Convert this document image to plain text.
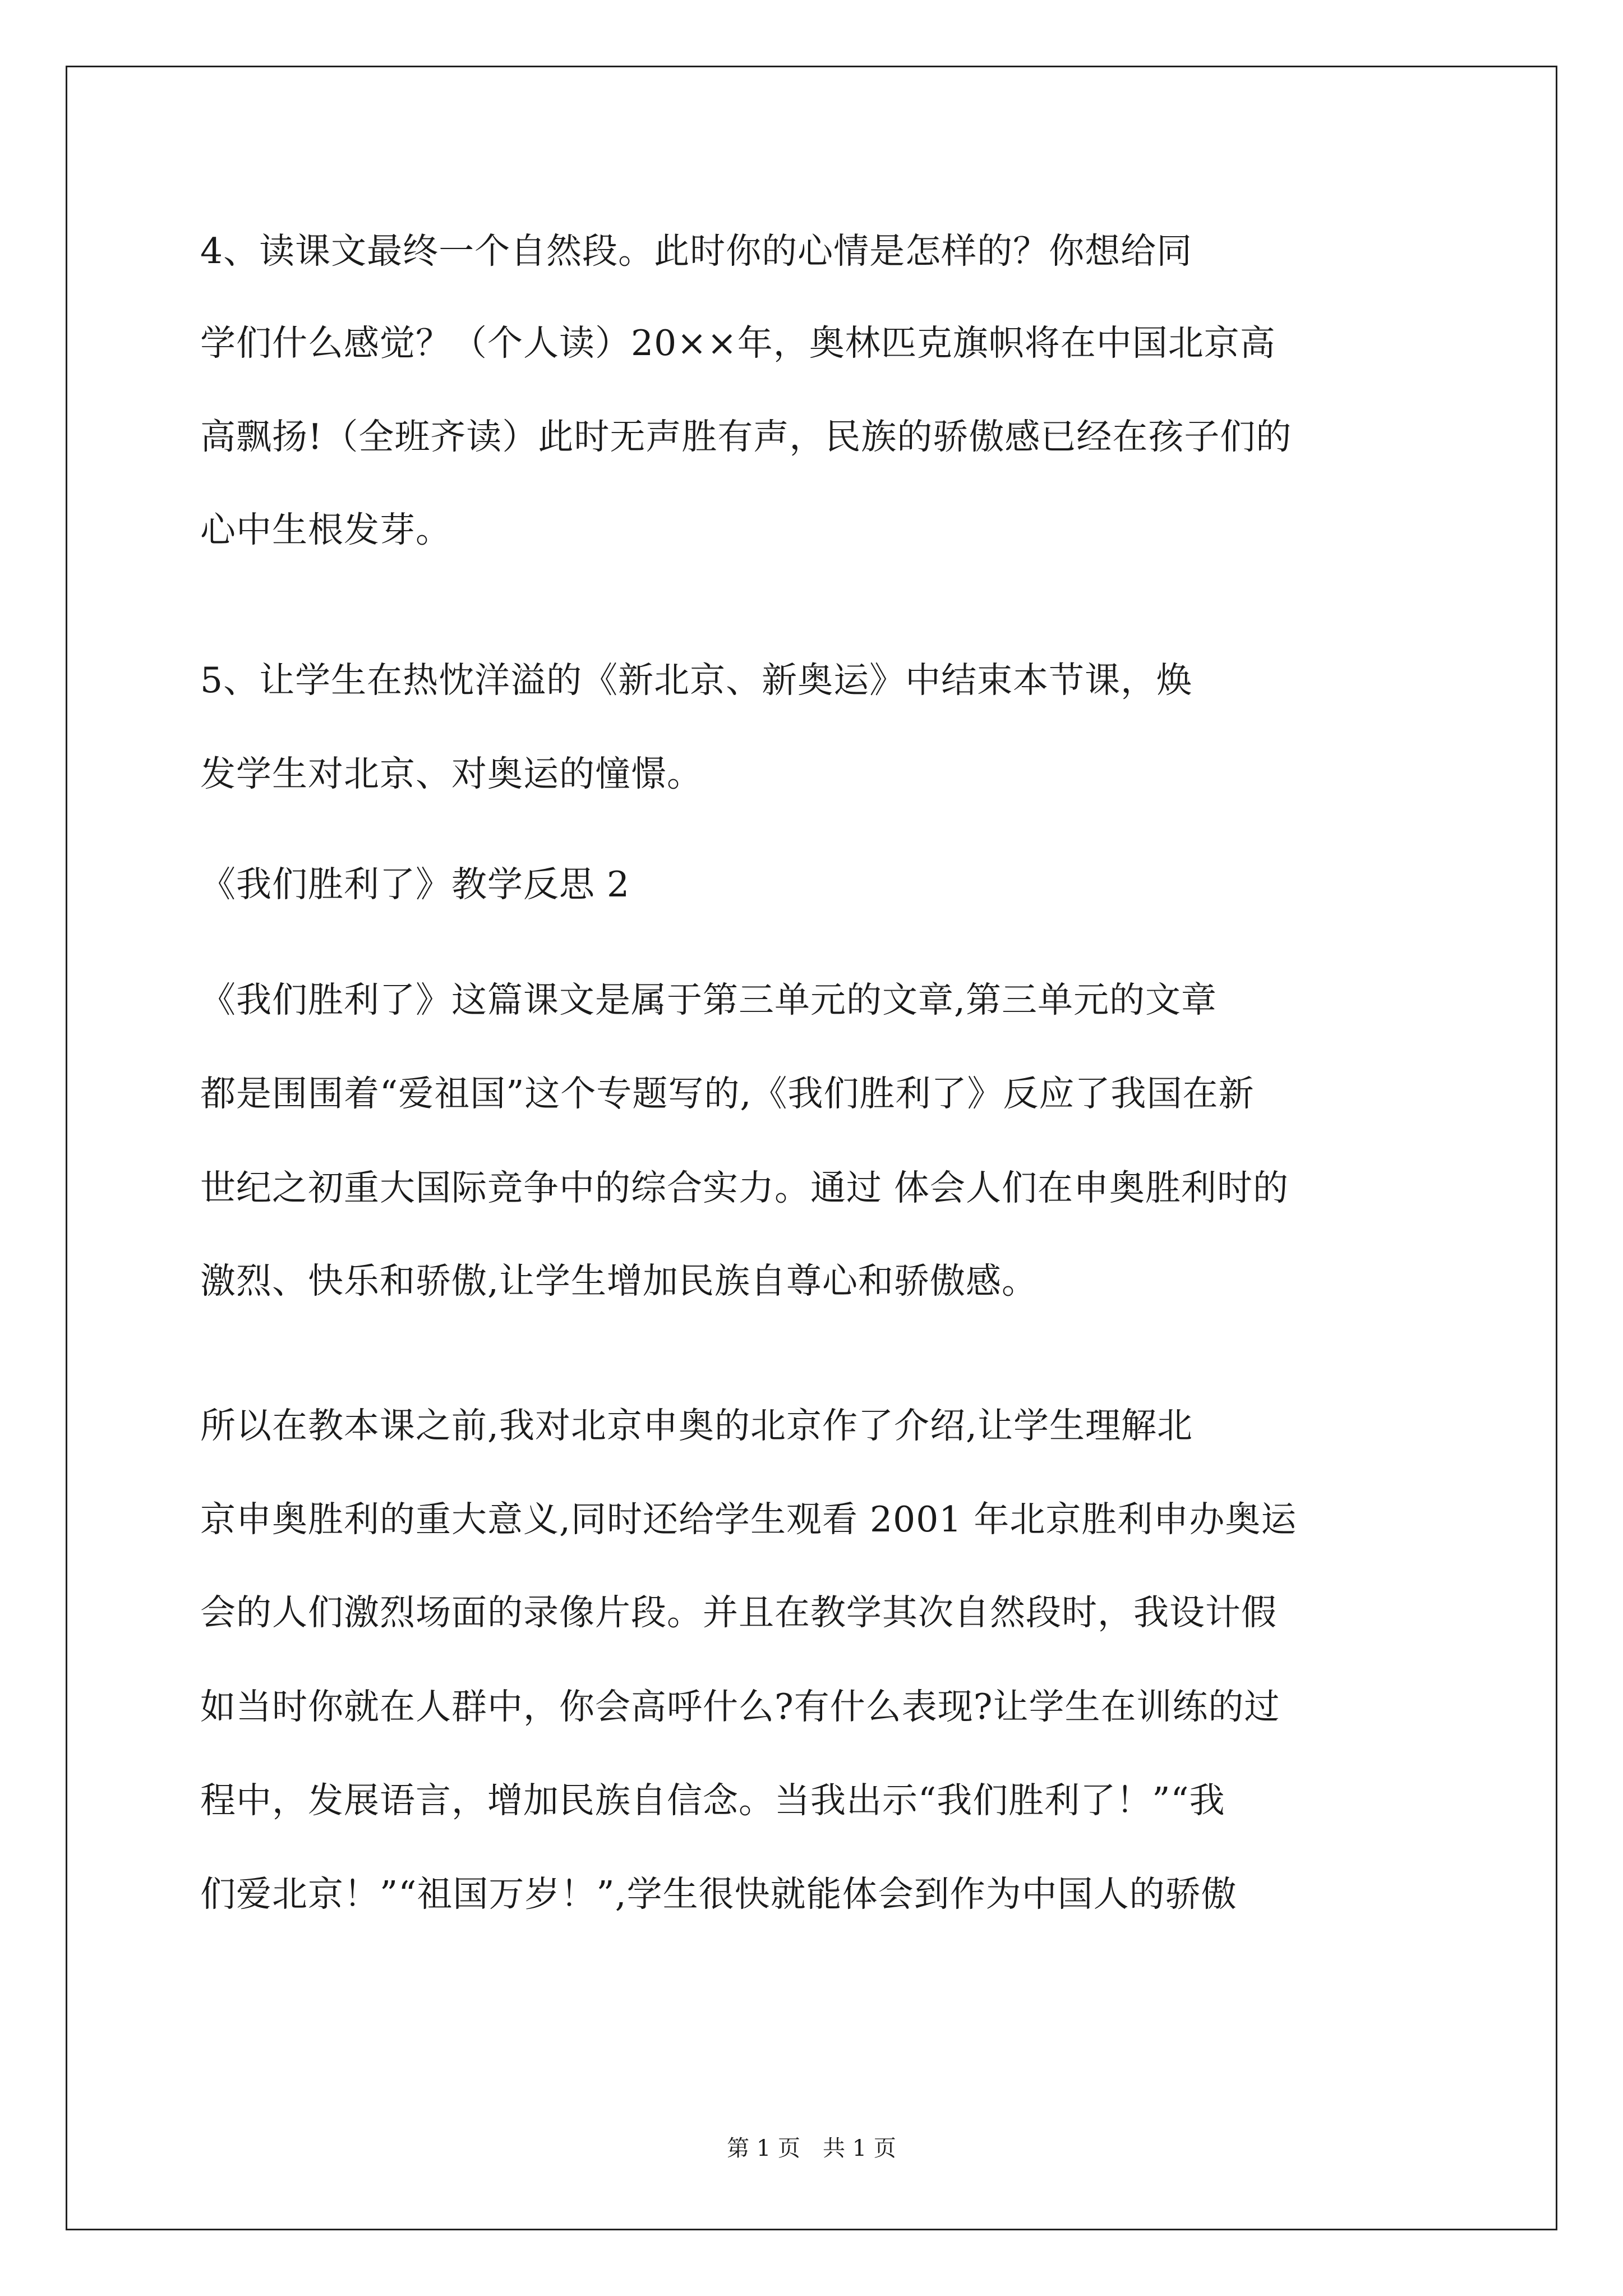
4、读课文最终一个自然段。此时你的心情是怎样的？你想给同
学们什么感觉？（个人读）20××年，奥林匹克旗帜将在中国北京高
高飘扬!（全班齐读）此时无声胜有声，民族的骄傲感已经在孩子们的
心中生根发芽。
5、让学生在热忱洋溢的《新北京、新奥运》中结束本节课，焕
发学生对北京、对奥运的憧憬。
《我们胜利了》教学反思 2
《我们胜利了》这篇课文是属于第三单元的文章,第三单元的文章
都是围围着“爱祖国”这个专题写的,《我们胜利了》反应了我国在新
世纪之初重大国际竞争中的综合实力。通过 体会人们在申奥胜利时的
激烈、快乐和骄傲,让学生增加民族自尊心和骄傲感。
所以在教本课之前,我对北京申奥的北京作了介绍,让学生理解北
京申奥胜利的重大意义,同时还给学生观看 2001 年北京胜利申办奥运
会的人们激烈场面的录像片段。并且在教学其次自然段时，我设计假
如当时你就在人群中，你会高呼什么?有什么表现?让学生在训练的过
程中，发展语言，增加民族自信念。当我出示“我们胜利了！”“我
们爱北京！”“祖国万岁！”,学生很快就能体会到作为中国人的骄傲
第 1 页 共 1 页
